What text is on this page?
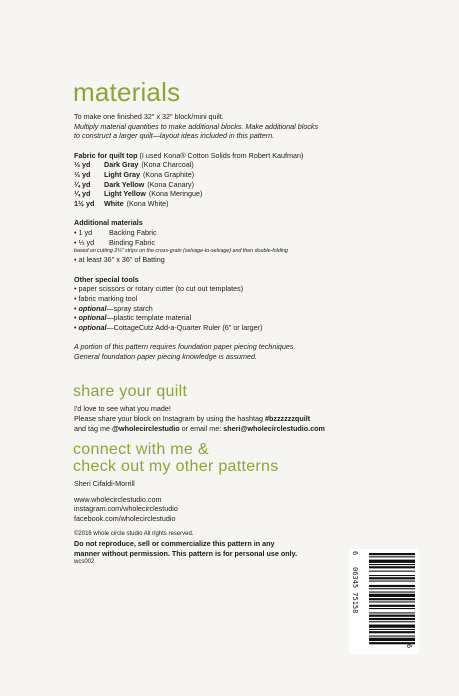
materials
To make one finished 32" x 32" block/mini quilt.
Multiply material quantities to make additional blocks. Make additional blocks
to construct a larger quilt—layout ideas included in this pattern.
Fabric for quilt top (I used Kona® Cotton Solids from Robert Kaufman)
⅓ yd	Dark Gray (Kona Charcoal)
⅓ yd	Light Gray (Kona Graphite)
¼ yd	Dark Yellow (Kona Canary)
¼ yd	Light Yellow (Kona Meringue)
1½ yd	White (Kona White)
Additional materials
• 1 yd	Backing Fabric
• ⅓ yd	Binding Fabric
based on cutting 2¼" strips on the cross-grain (selvage-to-selvage) and then double-folding
• at least 36" x 36" of Batting
Other special tools
• paper scissors or rotary cutter (to cut out templates)
• fabric marking tool
• optional—spray starch
• optional—plastic template material
• optional—CottageCutz Add-a-Quarter Ruler (6" or larger)
A portion of this pattern requires foundation paper piecing techniques.
General foundation paper piecing knowledge is assumed.
share your quilt
I'd love to see what you made!
Please share your block on Instagram by using the hashtag #bzzzzzzquilt
and tag me @wholecirclestudio or email me: sheri@wholecirclestudio.com
connect with me &
check out my other patterns
Sheri Cifaldi-Morrill
www.wholecirclestudio.com
instagram.com/wholecirclestudio
facebook.com/wholecirclestudio
©2016 whole circle studio All rights reserved.
Do not reproduce, sell or commercialize this pattern in any
manner without permission. This pattern is for personal use only.
wcs002
6
06345 75158
6
